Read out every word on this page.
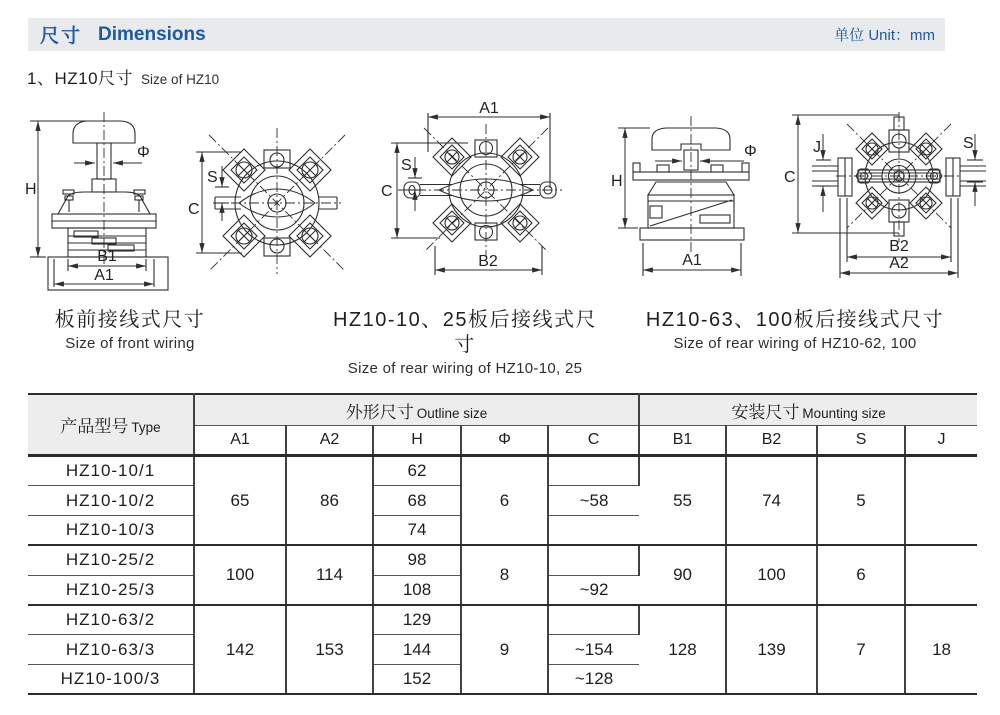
尺寸 Dimensions	单位 Unit：mm
1、HZ10尺寸 Size of HZ10
Φ
H
B1
A1
C
S
A1
C
S
B2
Φ
H
A1
C
J	S
B2
A2
板前接线式尺寸
Size of front wiring
HZ10-10、25板后接线式尺寸
Size of rear wiring of HZ10-10, 25
HZ10-63、100板后接线式尺寸
Size of rear wiring of HZ10-62, 100
产品型号 Type	外形尺寸 Outline size					安装尺寸 Mounting size			
	A1	A2	H	Φ	C	B1	B2	S	J
HZ10-10/1	65	86	62	6		55	74	5	
HZ10-10/2			68		~58				
HZ10-10/3			74						
HZ10-25/2	100	114	98	8		90	100	6	
HZ10-25/3			108		~92				
HZ10-63/2	142	153	129	9		128	139	7	18
HZ10-63/3			144		~154				
HZ10-100/3			152		~128				
